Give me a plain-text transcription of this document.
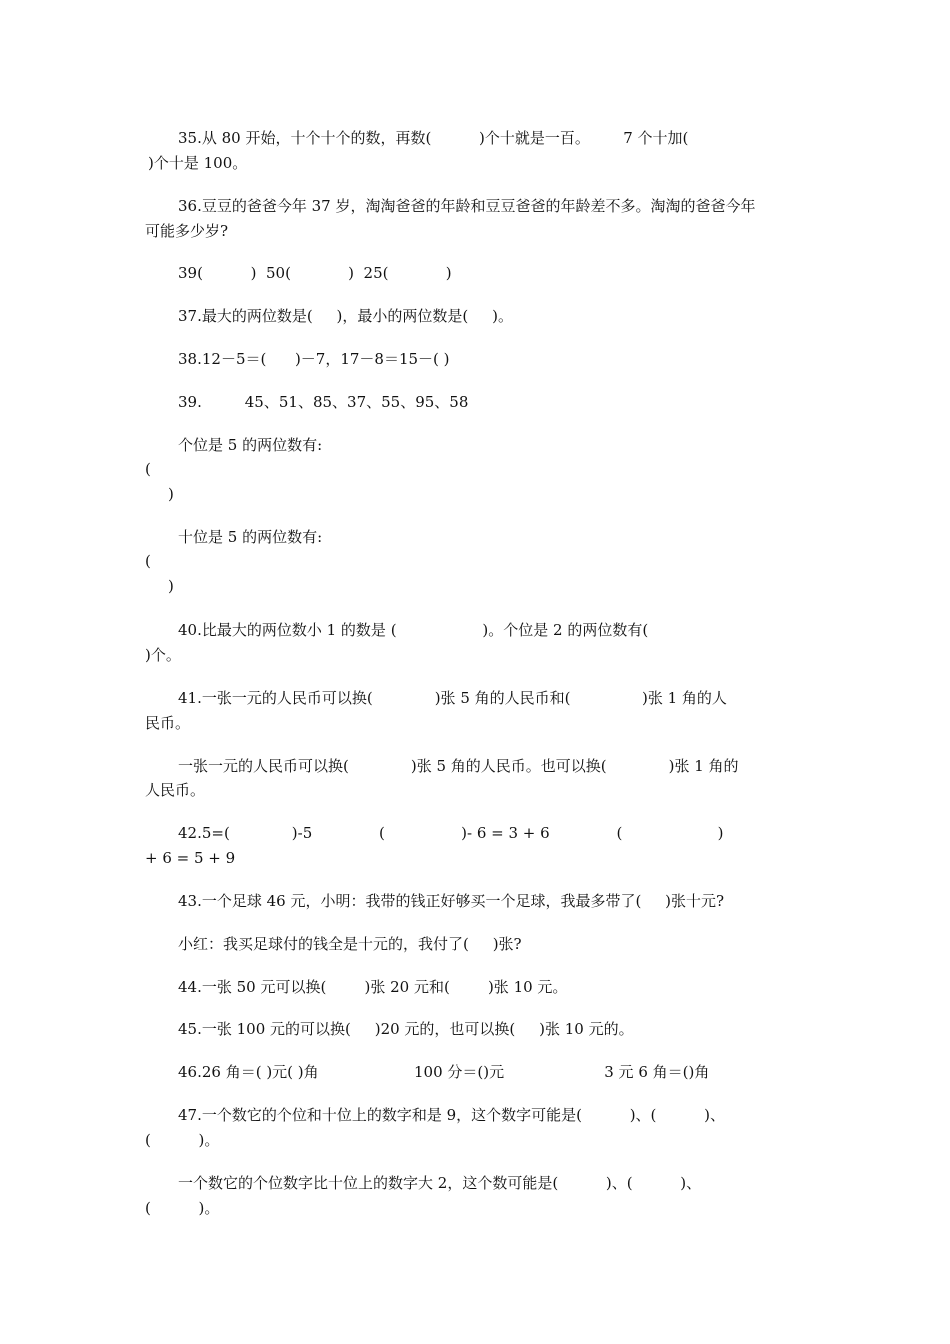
35.从 80 开始，十个十个的数，再数(          )个十就是一百。       7 个十加(
)个十是 100。
36.豆豆的爸爸今年 37 岁，淘淘爸爸的年龄和豆豆爸爸的年龄差不多。淘淘的爸爸今年
可能多少岁?
39(          )  50(            )  25(            )
37.最大的两位数是(     )，最小的两位数是(     )。
38.12－5＝(      )－7，17－8＝15－( )
39.         45、51、85、37、55、95、58
个位是 5 的两位数有:
(
)
十位是 5 的两位数有:
(
)
40.比最大的两位数小 1 的数是 (                  )。个位是 2 的两位数有(
)个。
41.一张一元的人民币可以换(             )张 5 角的人民币和(               )张 1 角的人
民币。
一张一元的人民币可以换(             )张 5 角的人民币。也可以换(             )张 1 角的
人民币。
42.5=(             )-5              (                )- 6 = 3 + 6              (                    )
+ 6 = 5 + 9
43.一个足球 46 元，小明：我带的钱正好够买一个足球，我最多带了(     )张十元?
小红：我买足球付的钱全是十元的，我付了(     )张?
44.一张 50 元可以换(        )张 20 元和(        )张 10 元。
45.一张 100 元的可以换(     )20 元的，也可以换(     )张 10 元的。
46.26 角＝( )元( )角                    100 分＝()元                     3 元 6 角＝()角
47.一个数它的个位和十位上的数字和是 9，这个数字可能是(          )、(          )、
(          )。
一个数它的个位数字比十位上的数字大 2，这个数可能是(          )、(          )、
(          )。
